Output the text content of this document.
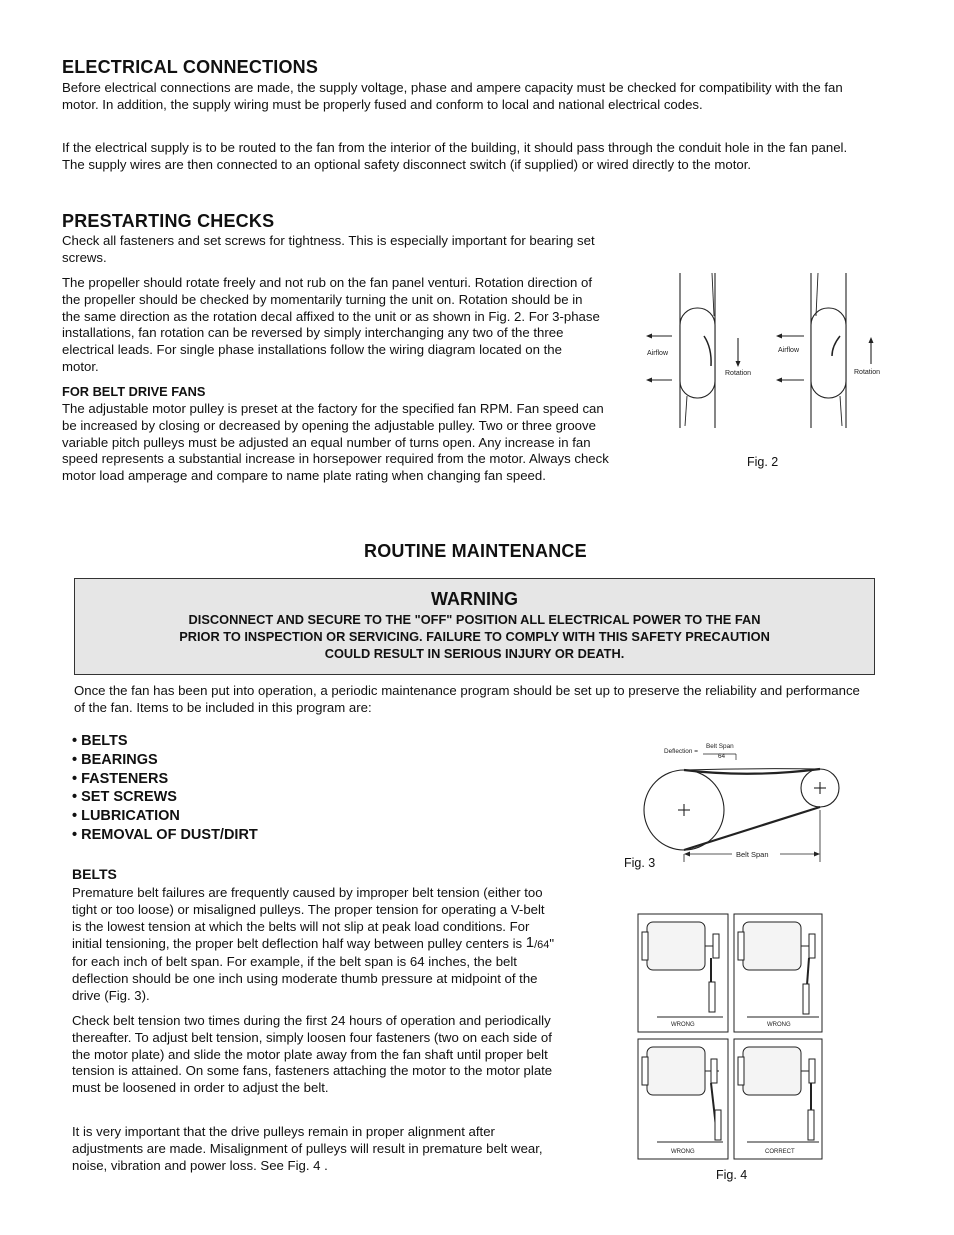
ELECTRICAL CONNECTIONS

Before electrical connections are made, the supply voltage, phase and ampere capacity must be checked for compatibility with the fan motor. In addition, the supply wiring must be properly fused and conform to local and national electrical codes.

If the electrical supply is to be routed to the fan from the interior of the building, it should pass through the conduit hole in the fan panel. The supply wires are then connected to an optional safety disconnect switch (if supplied) or wired directly to the motor.

PRESTARTING CHECKS

Check all fasteners and set screws for tightness. This is especially important for bearing set screws.

The propeller should rotate freely and not rub on the fan panel venturi. Rotation direction of the propeller should be checked by momentarily turning the unit on. Rotation should be in the same direction as the rotation decal affixed to the unit or as shown in Fig. 2. For 3-phase installations, fan rotation can be reversed by simply interchanging any two of the three electrical leads. For single phase installations follow the wiring diagram located on the motor.

FOR BELT DRIVE FANS

The adjustable motor pulley is preset at the factory for the specified fan RPM. Fan speed can be increased by closing or decreased by opening the adjustable pulley. Two or three groove variable pitch pulleys must be adjusted an equal number of turns open. Any increase in fan speed represents a substantial increase in horsepower required from the motor. Always check motor load amperage and compare to name plate rating when changing fan speed.

Airflow	Airflow
Rotation	Rotation
Fig. 2
ROUTINE MAINTENANCE
WARNING
DISCONNECT AND SECURE TO THE "OFF" POSITION ALL ELECTRICAL POWER TO THE FAN
PRIOR TO INSPECTION OR SERVICING. FAILURE TO COMPLY WITH THIS SAFETY PRECAUTION
COULD RESULT IN SERIOUS INJURY OR DEATH.

Once the fan has been put into operation, a periodic maintenance program should be set up to preserve the reliability and performance of the fan. Items to be included in this program are:

• BELTS
• BEARINGS
• FASTENERS
• SET SCREWS
• LUBRICATION
• REMOVAL OF DUST/DIRT
BELTS

Premature belt failures are frequently caused by improper belt tension (either too tight or too loose) or misaligned pulleys. The proper tension for operating a V-belt is the lowest tension at which the belts will not slip at peak load conditions. For initial tensioning, the proper belt deflection half way between pulley centers is 1/64" for each inch of belt span. For example, if the belt span is 64 inches, the belt deflection should be one inch using moderate thumb pressure at midpoint of the drive (Fig. 3).

Check belt tension two times during the first 24 hours of operation and periodically thereafter. To adjust belt tension, simply loosen four fasteners (two on each side of the motor plate) and slide the motor plate away from the fan shaft until proper belt tension is attained. On some fans, fasteners attaching the motor to the motor plate must be loosened in order to adjust the belt.

It is very important that the drive pulleys remain in proper alignment after adjustments are made. Misalignment of pulleys will result in premature belt wear, noise, vibration and power loss. See Fig. 4 .

Deflection =
Belt Span
64
Belt Span
Fig. 3
WRONG	WRONG
WRONG	CORRECT
Fig. 4
